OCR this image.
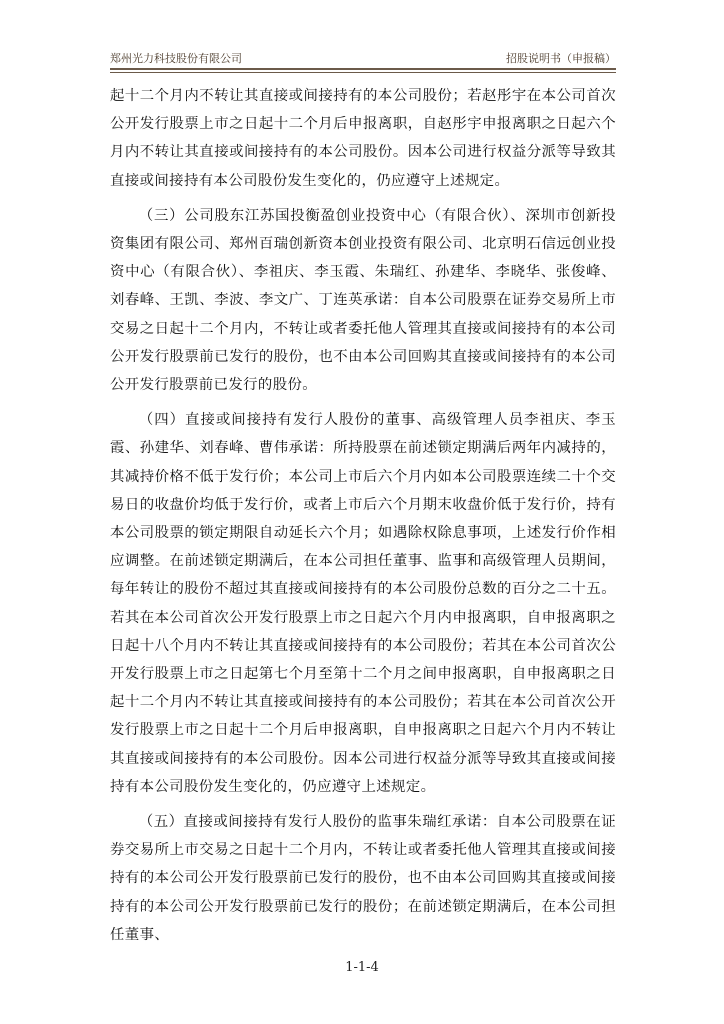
郑州光力科技股份有限公司	招股说明书（申报稿）

起十二个月内不转让其直接或间接持有的本公司股份；若赵彤宇在本公司首次公开发行股票上市之日起十二个月后申报离职，自赵彤宇申报离职之日起六个月内不转让其直接或间接持有的本公司股份。因本公司进行权益分派等导致其直接或间接持有本公司股份发生变化的，仍应遵守上述规定。

（三）公司股东江苏国投衡盈创业投资中心（有限合伙）、深圳市创新投资集团有限公司、郑州百瑞创新资本创业投资有限公司、北京明石信远创业投资中心（有限合伙）、李祖庆、李玉霞、朱瑞红、孙建华、李晓华、张俊峰、刘春峰、王凯、李波、李文广、丁连英承诺：自本公司股票在证券交易所上市交易之日起十二个月内，不转让或者委托他人管理其直接或间接持有的本公司公开发行股票前已发行的股份，也不由本公司回购其直接或间接持有的本公司公开发行股票前已发行的股份。

（四）直接或间接持有发行人股份的董事、高级管理人员李祖庆、李玉霞、孙建华、刘春峰、曹伟承诺：所持股票在前述锁定期满后两年内减持的，其减持价格不低于发行价；本公司上市后六个月内如本公司股票连续二十个交易日的收盘价均低于发行价，或者上市后六个月期末收盘价低于发行价，持有本公司股票的锁定期限自动延长六个月；如遇除权除息事项，上述发行价作相应调整。在前述锁定期满后，在本公司担任董事、监事和高级管理人员期间，每年转让的股份不超过其直接或间接持有的本公司股份总数的百分之二十五。若其在本公司首次公开发行股票上市之日起六个月内申报离职，自申报离职之日起十八个月内不转让其直接或间接持有的本公司股份；若其在本公司首次公开发行股票上市之日起第七个月至第十二个月之间申报离职，自申报离职之日起十二个月内不转让其直接或间接持有的本公司股份；若其在本公司首次公开发行股票上市之日起十二个月后申报离职，自申报离职之日起六个月内不转让其直接或间接持有的本公司股份。因本公司进行权益分派等导致其直接或间接持有本公司股份发生变化的，仍应遵守上述规定。

（五）直接或间接持有发行人股份的监事朱瑞红承诺：自本公司股票在证券交易所上市交易之日起十二个月内，不转让或者委托他人管理其直接或间接持有的本公司公开发行股票前已发行的股份，也不由本公司回购其直接或间接持有的本公司公开发行股票前已发行的股份；在前述锁定期满后，在本公司担任董事、

1-1-4
